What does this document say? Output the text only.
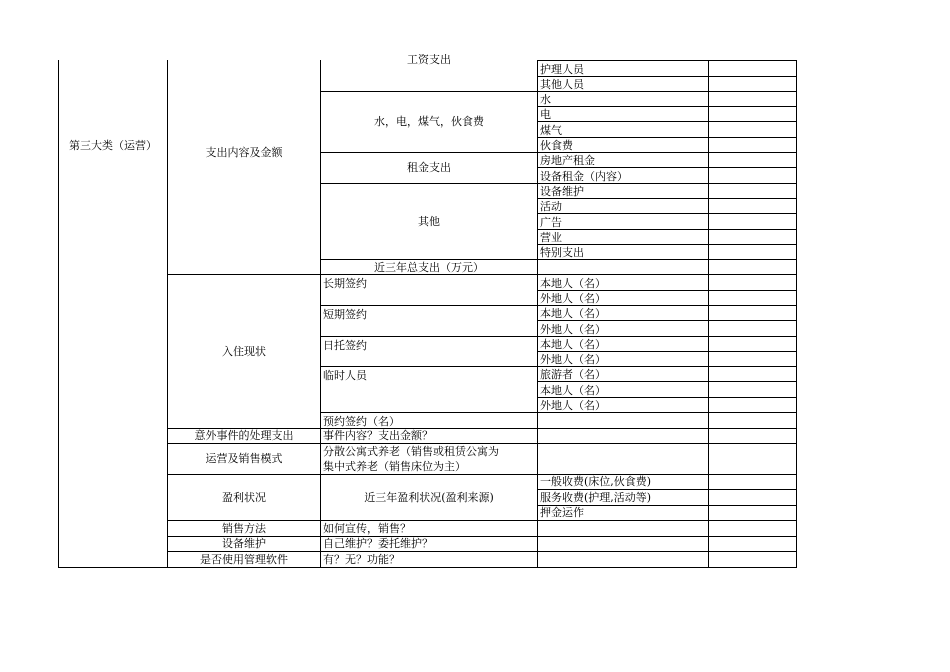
第三大类（运营）	支出内容及金额
入住现状
意外事件的处理支出
运营及销售模式
盈利状况
销售方法
设备维护
是否使用管理软件
工资支出
水，电，煤气，伙食费
租金支出
其他
近三年总支出（万元）
长期签约
短期签约
日托签约
临时人员
预约签约（名）
事件内容？支出金额？
分散公寓式养老（销售或租赁公寓为
集中式养老（销售床位为主）
近三年盈利状况(盈利来源)
如何宣传，销售？
自己维护？委托维护？
有？无？功能？
护理人员
其他人员
水
电
煤气
伙食费
房地产租金
设备租金（内容）
设备维护
活动
广告
营业
特别支出
本地人（名）
外地人（名）
本地人（名）
外地人（名）
本地人（名）
外地人（名）
旅游者（名）
本地人（名）
外地人（名）
一般收费(床位,伙食费)
服务收费(护理,活动等)
押金运作
